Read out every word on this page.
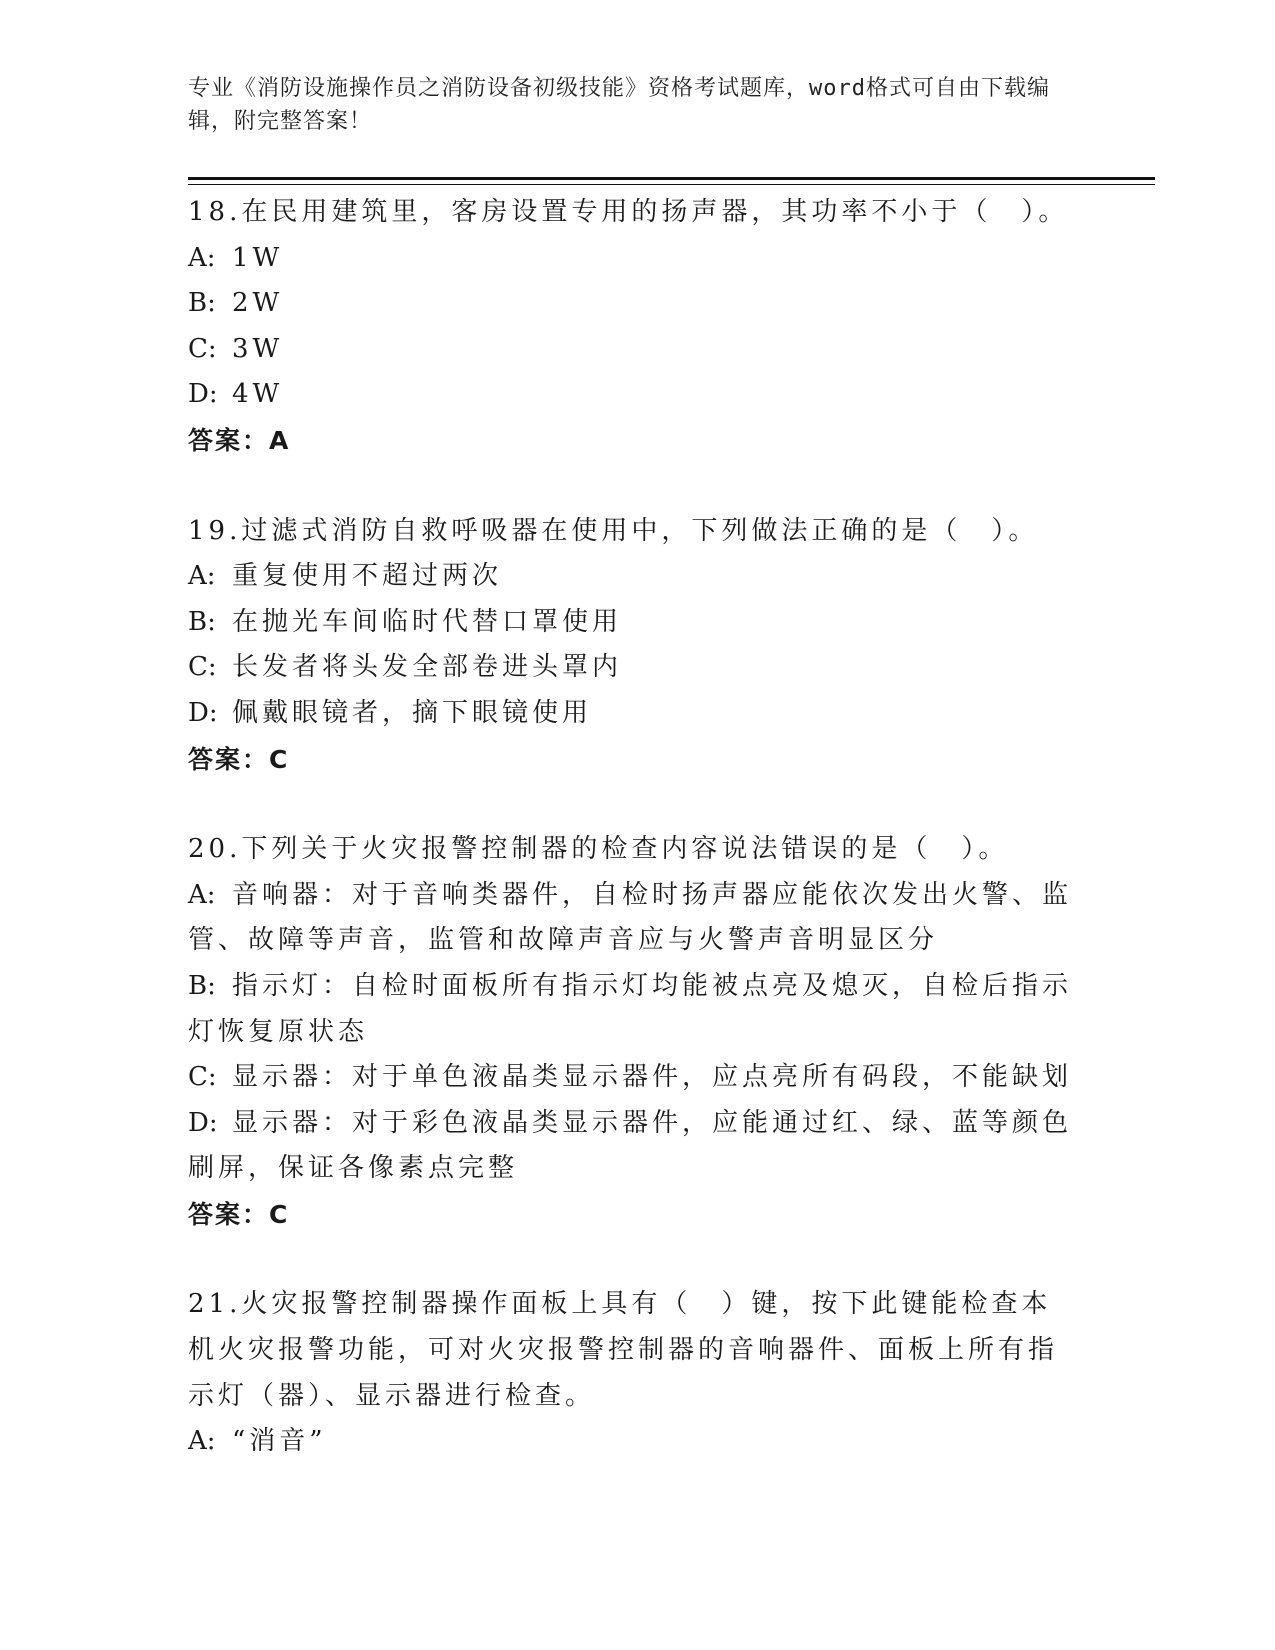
专业《消防设施操作员之消防设备初级技能》资格考试题库，word格式可自由下载编辑，附完整答案！

18.在民用建筑里，客房设置专用的扬声器，其功率不小于（　）。

A: 1W

B: 2W

C: 3W

D: 4W

答案：A

19.过滤式消防自救呼吸器在使用中，下列做法正确的是（　）。

A: 重复使用不超过两次

B: 在抛光车间临时代替口罩使用

C: 长发者将头发全部卷进头罩内

D: 佩戴眼镜者，摘下眼镜使用

答案：C

20.下列关于火灾报警控制器的检查内容说法错误的是（　）。

A: 音响器：对于音响类器件，自检时扬声器应能依次发出火警、监管、故障等声音，监管和故障声音应与火警声音明显区分

B: 指示灯：自检时面板所有指示灯均能被点亮及熄灭，自检后指示灯恢复原状态

C: 显示器：对于单色液晶类显示器件，应点亮所有码段，不能缺划

D: 显示器：对于彩色液晶类显示器件，应能通过红、绿、蓝等颜色刷屏，保证各像素点完整

答案：C

21.火灾报警控制器操作面板上具有（　）键，按下此键能检查本机火灾报警功能，可对火灾报警控制器的音响器件、面板上所有指示灯（器）、显示器进行检查。

A: “消音”
